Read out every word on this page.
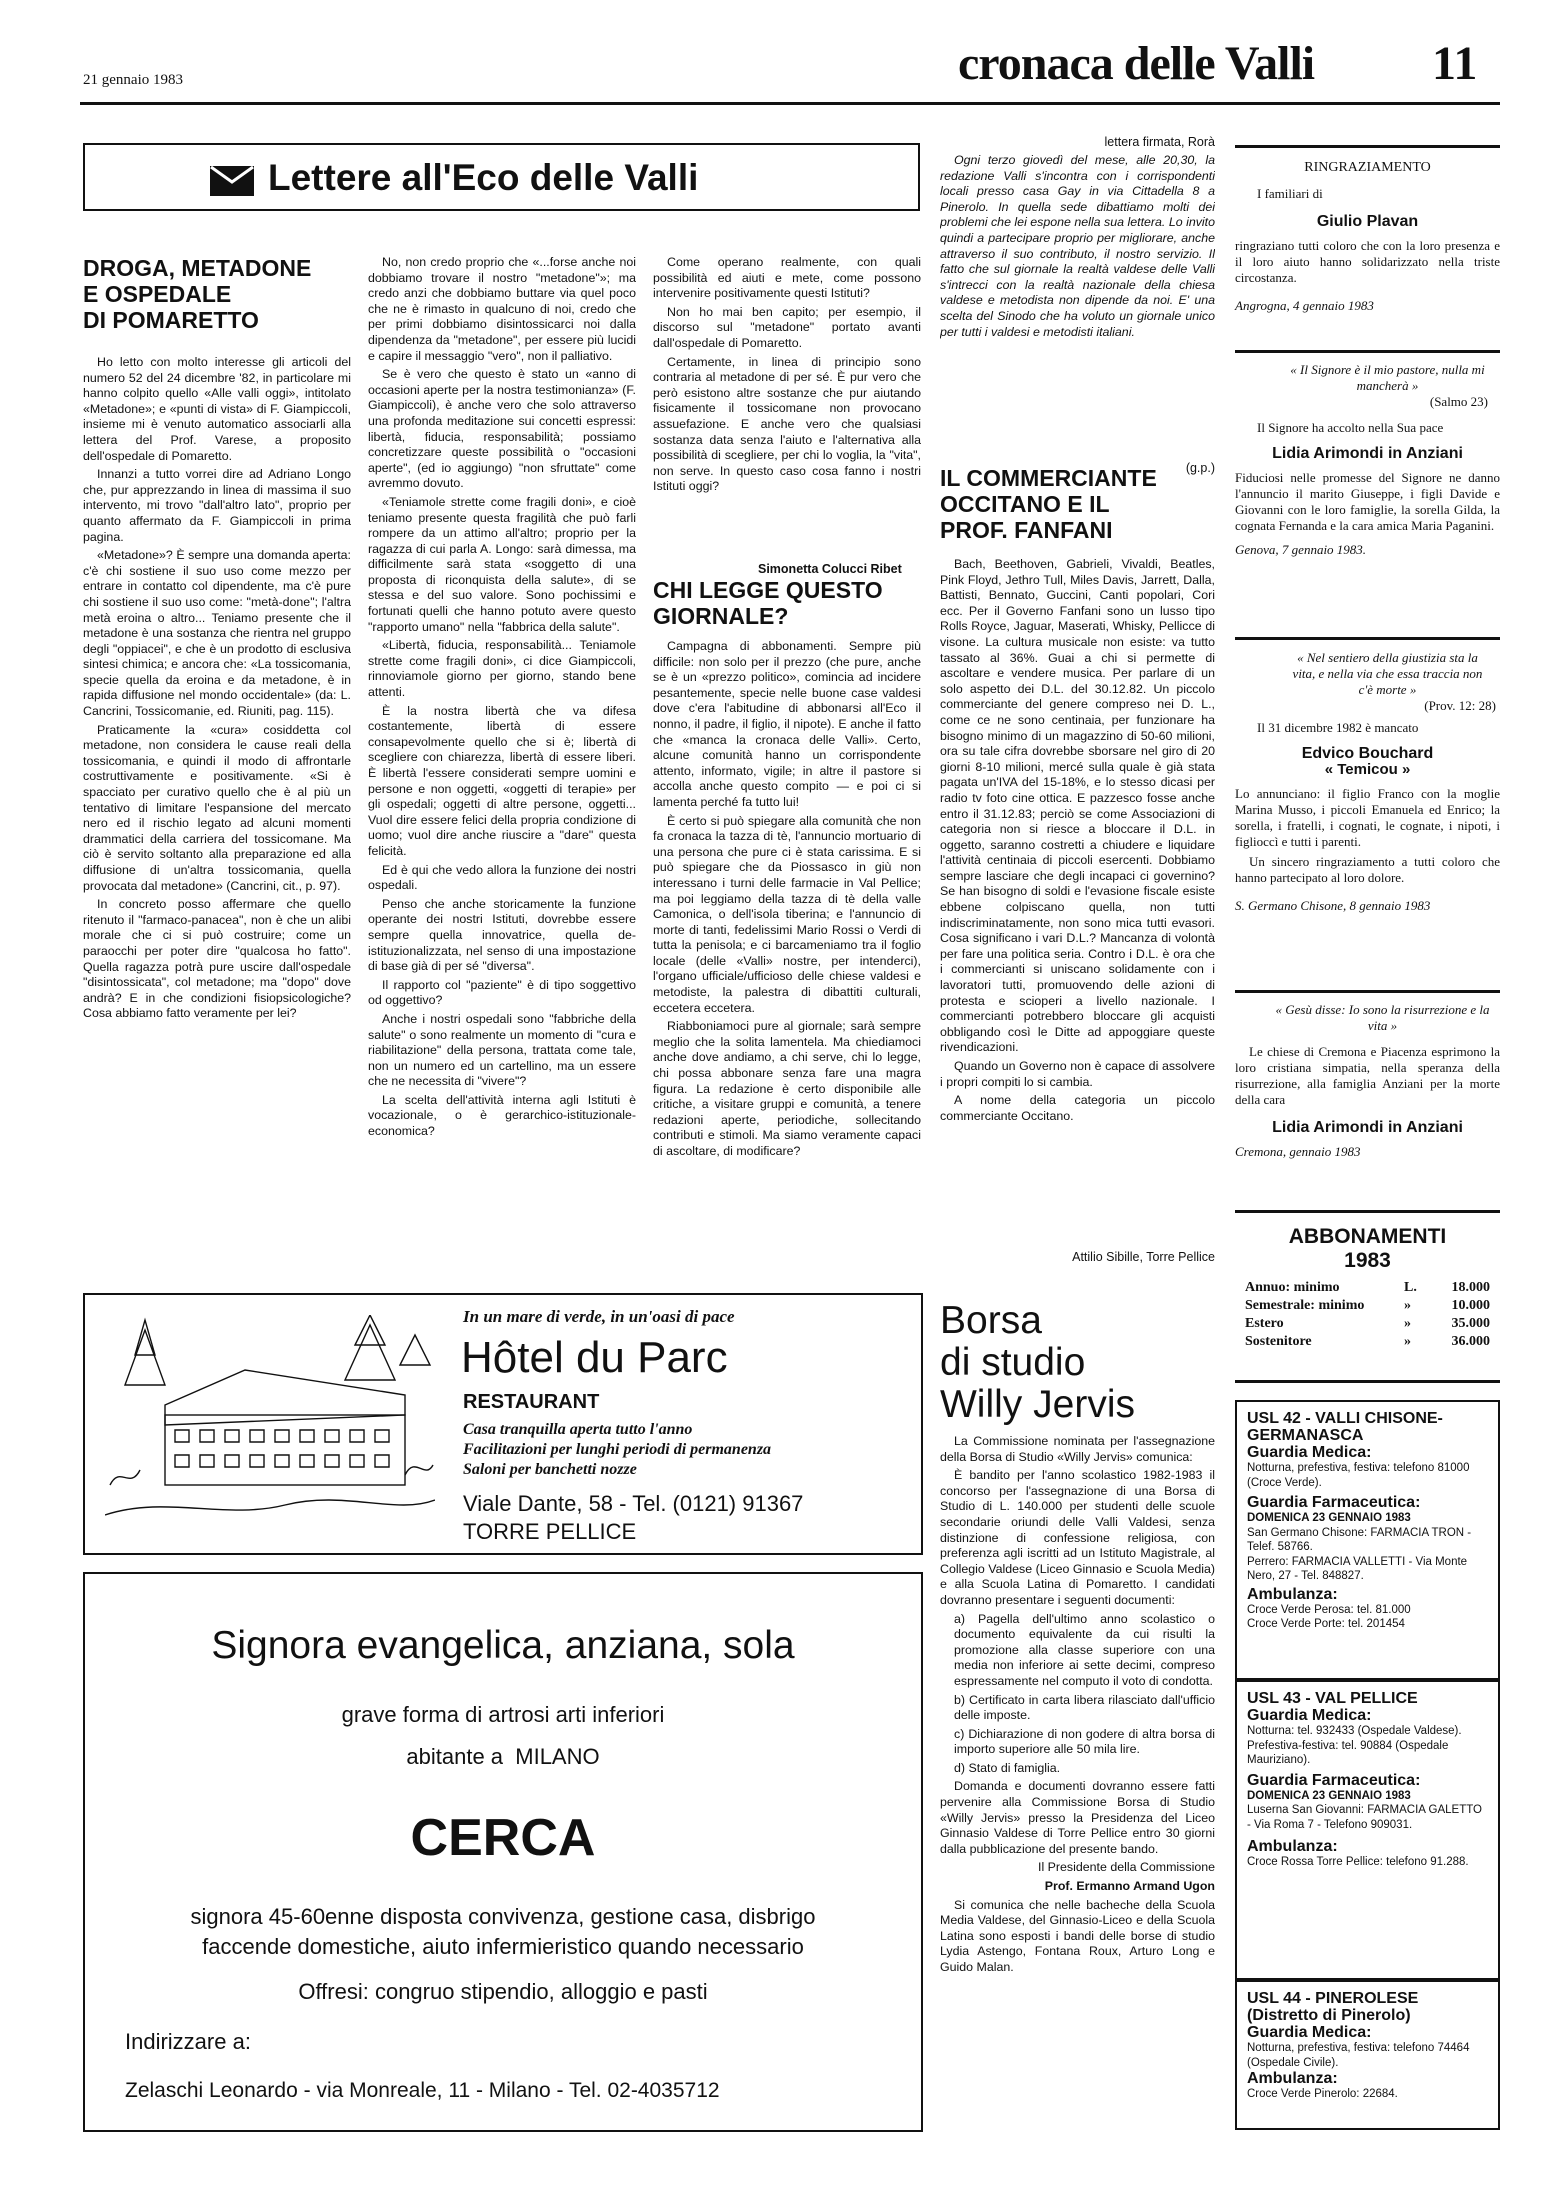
21 gennaio 1983	cronaca delle Valli 11
Lettere all'Eco delle Valli
DROGA, METADONE
E OSPEDALE
DI POMARETTO

Ho letto con molto interesse gli articoli del numero 52 del 24 dicembre '82, in particolare mi hanno colpito quello «Alle valli oggi», intitolato «Metadone»; e «punti di vista» di F. Giampiccoli, insieme mi è venuto automatico associarli alla lettera del Prof. Varese, a proposito dell'ospedale di Pomaretto.

Innanzi a tutto vorrei dire ad Adriano Longo che, pur apprezzando in linea di massima il suo intervento, mi trovo "dall'altro lato", proprio per quanto affermato da F. Giampiccoli in prima pagina.

«Metadone»? È sempre una domanda aperta: c'è chi sostiene il suo uso come mezzo per entrare in contatto col dipendente, ma c'è pure chi sostiene il suo uso come: "metà-done"; l'altra metà eroina o altro... Teniamo presente che il metadone è una sostanza che rientra nel gruppo degli "oppiacei", e che è un prodotto di esclusiva sintesi chimica; e ancora che: «La tossicomania, specie quella da eroina e da metadone, è in rapida diffusione nel mondo occidentale» (da: L. Cancrini, Tossicomanie, ed. Riuniti, pag. 115).

Praticamente la «cura» cosiddetta col metadone, non considera le cause reali della tossicomania, e quindi il modo di affrontarle costruttivamente e positivamente. «Si è spacciato per curativo quello che è al più un tentativo di limitare l'espansione del mercato nero ed il rischio legato ad alcuni momenti drammatici della carriera del tossicomane. Ma ciò è servito soltanto alla preparazione ed alla diffusione di un'altra tossicomania, quella provocata dal metadone» (Cancrini, cit., p. 97).

In concreto posso affermare che quello ritenuto il "farmaco-panacea", non è che un alibi morale che ci si può costruire; come un paraocchi per poter dire "qualcosa ho fatto". Quella ragazza potrà pure uscire dall'ospedale "disintossicata", col metadone; ma "dopo" dove andrà? E in che condizioni fisiopsicologiche? Cosa abbiamo fatto veramente per lei?

No, non credo proprio che «...forse anche noi dobbiamo trovare il nostro "metadone"»; ma credo anzi che dobbiamo buttare via quel poco che ne è rimasto in qualcuno di noi, credo che per primi dobbiamo disintossicarci noi dalla dipendenza da "metadone", per essere più lucidi e capire il messaggio "vero", non il palliativo.

Se è vero che questo è stato un «anno di occasioni aperte per la nostra testimonianza» (F. Giampiccoli), è anche vero che solo attraverso una profonda meditazione sui concetti espressi: libertà, fiducia, responsabilità; possiamo concretizzare queste possibilità o "occasioni aperte", (ed io aggiungo) "non sfruttate" come avremmo dovuto.

«Teniamole strette come fragili doni», e cioè teniamo presente questa fragilità che può farli rompere da un attimo all'altro; proprio per la ragazza di cui parla A. Longo: sarà dimessa, ma difficilmente sarà stata «soggetto di una proposta di riconquista della salute», di se stessa e del suo valore. Sono pochissimi e fortunati quelli che hanno potuto avere questo "rapporto umano" nella "fabbrica della salute".

«Libertà, fiducia, responsabilità... Teniamole strette come fragili doni», ci dice Giampiccoli, rinnoviamole giorno per giorno, stando bene attenti.

È la nostra libertà che va difesa costantemente, libertà di essere consapevolmente quello che si è; libertà di scegliere con chiarezza, libertà di essere liberi. È libertà l'essere considerati sempre uomini e persone e non oggetti, «oggetti di terapie» per gli ospedali; oggetti di altre persone, oggetti... Vuol dire essere felici della propria condizione di uomo; vuol dire anche riuscire a "dare" questa felicità.

Ed è qui che vedo allora la funzione dei nostri ospedali.

Penso che anche storicamente la funzione operante dei nostri Istituti, dovrebbe essere sempre quella innovatrice, quella de-istituzionalizzata, nel senso di una impostazione di base già di per sé "diversa".

Il rapporto col "paziente" è di tipo soggettivo od oggettivo?

Anche i nostri ospedali sono "fabbriche della salute" o sono realmente un momento di "cura e riabilitazione" della persona, trattata come tale, non un numero ed un cartellino, ma un essere che ne necessita di "vivere"?

La scelta dell'attività interna agli Istituti è vocazionale, o è gerarchico-istituzionale-economica?

Come operano realmente, con quali possibilità ed aiuti e mete, come possono intervenire positivamente questi Istituti?

Non ho mai ben capito; per esempio, il discorso sul "metadone" portato avanti dall'ospedale di Pomaretto.

Certamente, in linea di principio sono contraria al metadone di per sé. È pur vero che però esistono altre sostanze che pur aiutando fisicamente il tossicomane non provocano assuefazione. E anche vero che qualsiasi sostanza data senza l'aiuto e l'alternativa alla possibilità di scegliere, per chi lo voglia, la "vita", non serve. In questo caso cosa fanno i nostri Istituti oggi?

Simonetta Colucci Ribet
CHI LEGGE QUESTO
GIORNALE?

Campagna di abbonamenti. Sempre più difficile: non solo per il prezzo (che pure, anche se è un «prezzo politico», comincia ad incidere pesantemente, specie nelle buone case valdesi dove c'era l'abitudine di abbonarsi all'Eco il nonno, il padre, il figlio, il nipote). E anche il fatto che «manca la cronaca delle Valli». Certo, alcune comunità hanno un corrispondente attento, informato, vigile; in altre il pastore si accolla anche questo compito — e poi ci si lamenta perché fa tutto lui!

È certo si può spiegare alla comunità che non fa cronaca la tazza di tè, l'annuncio mortuario di una persona che pure ci è stata carissima. E si può spiegare che da Piossasco in giù non interessano i turni delle farmacie in Val Pellice; ma poi leggiamo della tazza di tè della valle Camonica, o dell'isola tiberina; e l'annuncio di morte di tanti, fedelissimi Mario Rossi o Verdi di tutta la penisola; e ci barcameniamo tra il foglio locale (delle «Valli» nostre, per intenderci), l'organo ufficiale/ufficioso delle chiese valdesi e metodiste, la palestra di dibattiti culturali, eccetera eccetera.

Riabboniamoci pure al giornale; sarà sempre meglio che la solita lamentela. Ma chiediamoci anche dove andiamo, a chi serve, chi lo legge, chi possa abbonare senza fare una magra figura. La redazione è certo disponibile alle critiche, a visitare gruppi e comunità, a tenere redazioni aperte, periodiche, sollecitando contributi e stimoli. Ma siamo veramente capaci di ascoltare, di modificare?

lettera firmata, Rorà

Ogni terzo giovedì del mese, alle 20,30, la redazione Valli s'incontra con i corrispondenti locali presso casa Gay in via Cittadella 8 a Pinerolo. In quella sede dibattiamo molti dei problemi che lei espone nella sua lettera. Lo invito quindi a partecipare proprio per migliorare, anche attraverso il suo contributo, il nostro servizio. Il fatto che sul giornale la realtà valdese delle Valli s'intrecci con la realtà nazionale della chiesa valdese e metodista non dipende da noi. E' una scelta del Sinodo che ha voluto un giornale unico per tutti i valdesi e metodisti italiani.

(g.p.)
IL COMMERCIANTE
OCCITANO E IL
PROF. FANFANI

Bach, Beethoven, Gabrieli, Vivaldi, Beatles, Pink Floyd, Jethro Tull, Miles Davis, Jarrett, Dalla, Battisti, Bennato, Guccini, Canti popolari, Cori ecc. Per il Governo Fanfani sono un lusso tipo Rolls Royce, Jaguar, Maserati, Whisky, Pellicce di visone. La cultura musicale non esiste: va tutto tassato al 36%. Guai a chi si permette di ascoltare e vendere musica. Per parlare di un solo aspetto dei D.L. del 30.12.82. Un piccolo commerciante del genere compreso nei D. L., come ce ne sono centinaia, per funzionare ha bisogno minimo di un magazzino di 50-60 milioni, ora su tale cifra dovrebbe sborsare nel giro di 20 giorni 8-10 milioni, mercé sulla quale è già stata pagata un'IVA del 15-18%, e lo stesso dicasi per radio tv foto cine ottica. E pazzesco fosse anche entro il 31.12.83; perciò se come Associazioni di categoria non si riesce a bloccare il D.L. in oggetto, saranno costretti a chiudere e liquidare l'attività centinaia di piccoli esercenti. Dobbiamo sempre lasciare che degli incapaci ci governino? Se han bisogno di soldi e l'evasione fiscale esiste ebbene colpiscano quella, non tutti indiscriminatamente, non sono mica tutti evasori. Cosa significano i vari D.L.? Mancanza di volontà per fare una politica seria. Contro i D.L. è ora che i commercianti si uniscano solidamente con i lavoratori tutti, promuovendo delle azioni di protesta e scioperi a livello nazionale. I commercianti potrebbero bloccare gli acquisti obbligando così le Ditte ad appoggiare queste rivendicazioni.

Quando un Governo non è capace di assolvere i propri compiti lo si cambia.

A nome della categoria un piccolo commerciante Occitano.

Attilio Sibille, Torre Pellice
RINGRAZIAMENTO
I familiari di
Giulio Plavan
ringraziano tutti coloro che con la loro presenza e il loro aiuto hanno solidarizzato nella triste circostanza.
Angrogna, 4 gennaio 1983
« Il Signore è il mio pastore, nulla mi mancherà »
(Salmo 23)
Il Signore ha accolto nella Sua pace
Lidia Arimondi in Anziani
Fiduciosi nelle promesse del Signore ne danno l'annuncio il marito Giuseppe, i figli Davide e Giovanni con le loro famiglie, la sorella Gilda, la cognata Fernanda e la cara amica Maria Paganini.
Genova, 7 gennaio 1983.
« Nel sentiero della giustizia sta la vita, e nella via che essa traccia non c'è morte »
(Prov. 12: 28)
Il 31 dicembre 1982 è mancato
Edvico Bouchard
« Temicou »
Lo annunciano: il figlio Franco con la moglie Marina Musso, i piccoli Emanuela ed Enrico; la sorella, i fratelli, i cognati, le cognate, i nipoti, i figlioccì e tutti i parenti.
Un sincero ringraziamento a tutti coloro che hanno partecipato al loro dolore.
S. Germano Chisone, 8 gennaio 1983
« Gesù disse: Io sono la risurrezione e la vita »
Le chiese di Cremona e Piacenza esprimono la loro cristiana simpatia, nella speranza della risurrezione, alla famiglia Anziani per la morte della cara
Lidia Arimondi in Anziani
Cremona, gennaio 1983
ABBONAMENTI
1983
Annuo: minimo	L.	18.000
Semestrale: minimo	»	10.000
Estero	»	35.000
Sostenitore	»	36.000
USL 42 - VALLI CHISONE-GERMANASCA
Guardia Medica:
Notturna, prefestiva, festiva: telefono 81000 (Croce Verde).
Guardia Farmaceutica:
DOMENICA 23 GENNAIO 1983
San Germano Chisone: FARMACIA TRON - Telef. 58766.
Perrero: FARMACIA VALLETTI - Via Monte Nero, 27 - Tel. 848827.
Ambulanza:
Croce Verde Perosa: tel. 81.000
Croce Verde Porte: tel. 201454
USL 43 - VAL PELLICE
Guardia Medica:
Notturna: tel. 932433 (Ospedale Valdese). Prefestiva-festiva: tel. 90884 (Ospedale Mauriziano).
Guardia Farmaceutica:
DOMENICA 23 GENNAIO 1983
Luserna San Giovanni: FARMACIA GALETTO - Via Roma 7 - Telefono 909031.
Ambulanza:
Croce Rossa Torre Pellice: telefono 91.288.
USL 44 - PINEROLESE (Distretto di Pinerolo)
Guardia Medica:
Notturna, prefestiva, festiva: telefono 74464 (Ospedale Civile).
Ambulanza:
Croce Verde Pinerolo: 22684.
In un mare di verde, in un'oasi di pace
Hôtel du Parc
RESTAURANT
Casa tranquilla aperta tutto l'anno
Facilitazioni per lunghi periodi di permanenza
Saloni per banchetti nozze
Viale Dante, 58 - Tel. (0121) 91367
TORRE PELLICE
Signora evangelica, anziana, sola
grave forma di artrosi arti inferiori
abitante a  MILANO
CERCA
signora 45-60enne disposta convivenza, gestione casa, disbrigo
faccende domestiche, aiuto infermieristico quando necessario
Offresi: congruo stipendio, alloggio e pasti
Indirizzare a:
Zelaschi Leonardo - via Monreale, 11 - Milano - Tel. 02-4035712
Borsa
di studio
Willy Jervis

La Commissione nominata per l'assegnazione della Borsa di Studio «Willy Jervis» comunica:

È bandito per l'anno scolastico 1982-1983 il concorso per l'assegnazione di una Borsa di Studio di L. 140.000 per studenti delle scuole secondarie oriundi delle Valli Valdesi, senza distinzione di confessione religiosa, con preferenza agli iscritti ad un Istituto Magistrale, al Collegio Valdese (Liceo Ginnasio e Scuola Media) e alla Scuola Latina di Pomaretto. I candidati dovranno presentare i seguenti documenti:

a) Pagella dell'ultimo anno scolastico o documento equivalente da cui risulti la promozione alla classe superiore con una media non inferiore ai sette decimi, compreso espressamente nel computo il voto di condotta.

b) Certificato in carta libera rilasciato dall'ufficio delle imposte.

c) Dichiarazione di non godere di altra borsa di importo superiore alle 50 mila lire.

d) Stato di famiglia.

Domanda e documenti dovranno essere fatti pervenire alla Commissione Borsa di Studio «Willy Jervis» presso la Presidenza del Liceo Ginnasio Valdese di Torre Pellice entro 30 giorni dalla pubblicazione del presente bando.

Il Presidente della Commissione

Prof. Ermanno Armand Ugon

Si comunica che nelle bacheche della Scuola Media Valdese, del Ginnasio-Liceo e della Scuola Latina sono esposti i bandi delle borse di studio Lydia Astengo, Fontana Roux, Arturo Long e Guido Malan.
